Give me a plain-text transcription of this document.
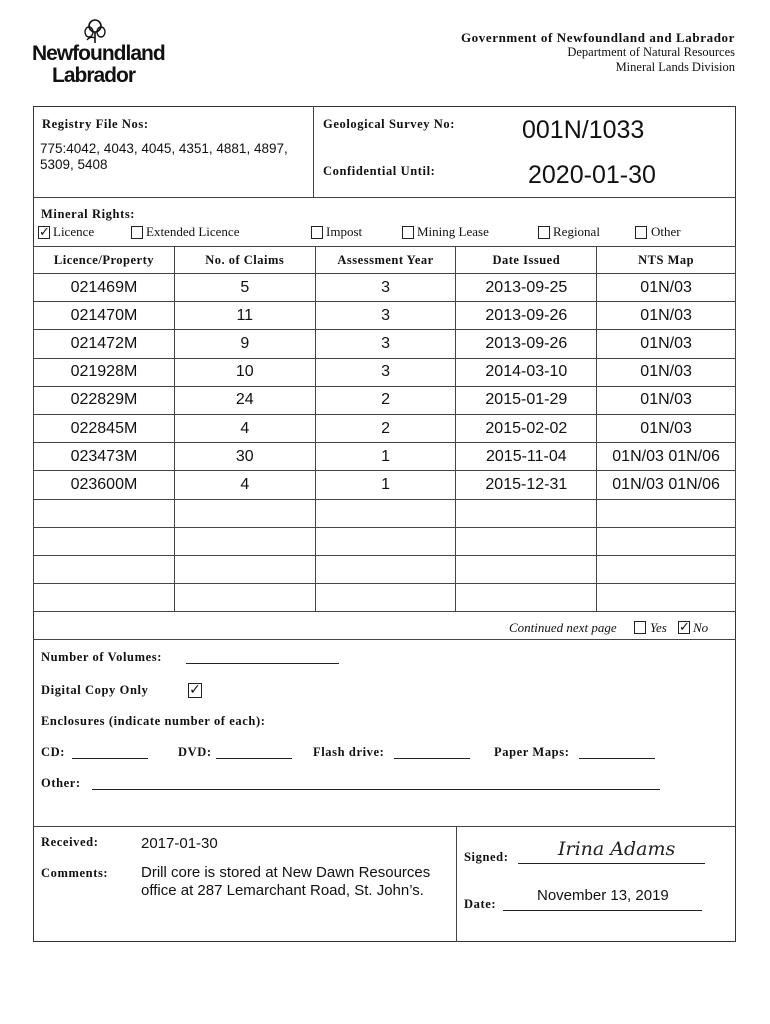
Newfoundland
Labrador
Government of Newfoundland and Labrador
Department of Natural Resources
Mineral Lands Division
Registry File Nos:
775:4042, 4043, 4045, 4351, 4881, 4897, 5309, 5408
Geological Survey No:	001N/1033
Confidential Until:	2020-01-30
Mineral Rights:
✓ Licence	Extended Licence	Impost	Mining Lease	Regional	Other
Licence/Property	No. of Claims	Assessment Year	Date Issued	NTS Map
021469M	5	3	2013-09-25	01N/03
021470M	11	3	2013-09-26	01N/03
021472M	9	3	2013-09-26	01N/03
021928M	10	3	2014-03-10	01N/03
022829M	24	2	2015-01-29	01N/03
022845M	4	2	2015-02-02	01N/03
023473M	30	1	2015-11-04	01N/03 01N/06
023600M	4	1	2015-12-31	01N/03 01N/06

Continued next page	Yes ✓ No
Number of Volumes:
Digital Copy Only	✓
Enclosures (indicate number of each):
CD:	DVD:	Flash drive:	Paper Maps:
Other:
Received:	2017-01-30
Comments: Drill core is stored at New Dawn Resources
office at 287 Lemarchant Road, St. John’s.
Signed:	Irina Adams
Date:	November 13, 2019
